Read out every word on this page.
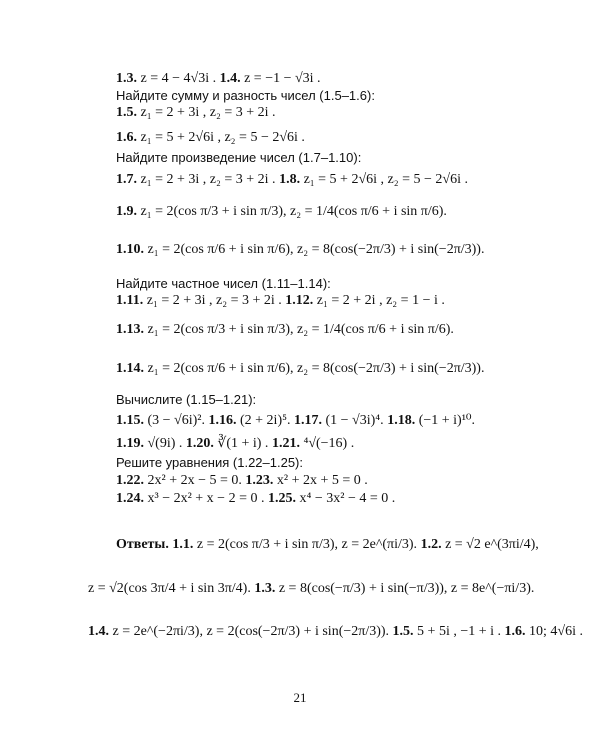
1.3. z = 4 − 4√3i . 1.4. z = −1 − √3i .
Найдите сумму и разность чисел (1.5–1.6):
1.5. z₁ = 2 + 3i , z₂ = 3 + 2i .
1.6. z₁ = 5 + 2√6i , z₂ = 5 − 2√6i .
Найдите произведение чисел (1.7–1.10):
1.7. z₁ = 2 + 3i , z₂ = 3 + 2i . 1.8. z₁ = 5 + 2√6i , z₂ = 5 − 2√6i .
1.9. z₁ = 2(cos π/3 + i sin π/3), z₂ = 1/4(cos π/6 + i sin π/6).
1.10. z₁ = 2(cos π/6 + i sin π/6), z₂ = 8(cos(−2π/3) + i sin(−2π/3)).
Найдите частное чисел (1.11–1.14):
1.11. z₁ = 2 + 3i , z₂ = 3 + 2i . 1.12. z₁ = 2 + 2i , z₂ = 1 − i .
1.13. z₁ = 2(cos π/3 + i sin π/3), z₂ = 1/4(cos π/6 + i sin π/6).
1.14. z₁ = 2(cos π/6 + i sin π/6), z₂ = 8(cos(−2π/3) + i sin(−2π/3)).
Вычислите (1.15–1.21):
1.15. (3 − √6i)². 1.16. (2 + 2i)⁵. 1.17. (1 − √3i)⁴. 1.18. (−1 + i)¹⁰.
1.19. √(9i) . 1.20. ∛(1 + i) . 1.21. ⁴√(−16) .
Решите уравнения (1.22–1.25):
1.22. 2x² + 2x − 5 = 0. 1.23. x² + 2x + 5 = 0 .
1.24. x³ − 2x² + x − 2 = 0 . 1.25. x⁴ − 3x² − 4 = 0 .
Ответы. 1.1. z = 2(cos π/3 + i sin π/3), z = 2e^(πi/3). 1.2. z = √2 e^(3πi/4),
z = √2(cos 3π/4 + i sin 3π/4). 1.3. z = 8(cos(−π/3) + i sin(−π/3)), z = 8e^(−πi/3).
1.4. z = 2e^(−2πi/3), z = 2(cos(−2π/3) + i sin(−2π/3)). 1.5. 5 + 5i , −1 + i . 1.6. 10; 4√6i .
21
